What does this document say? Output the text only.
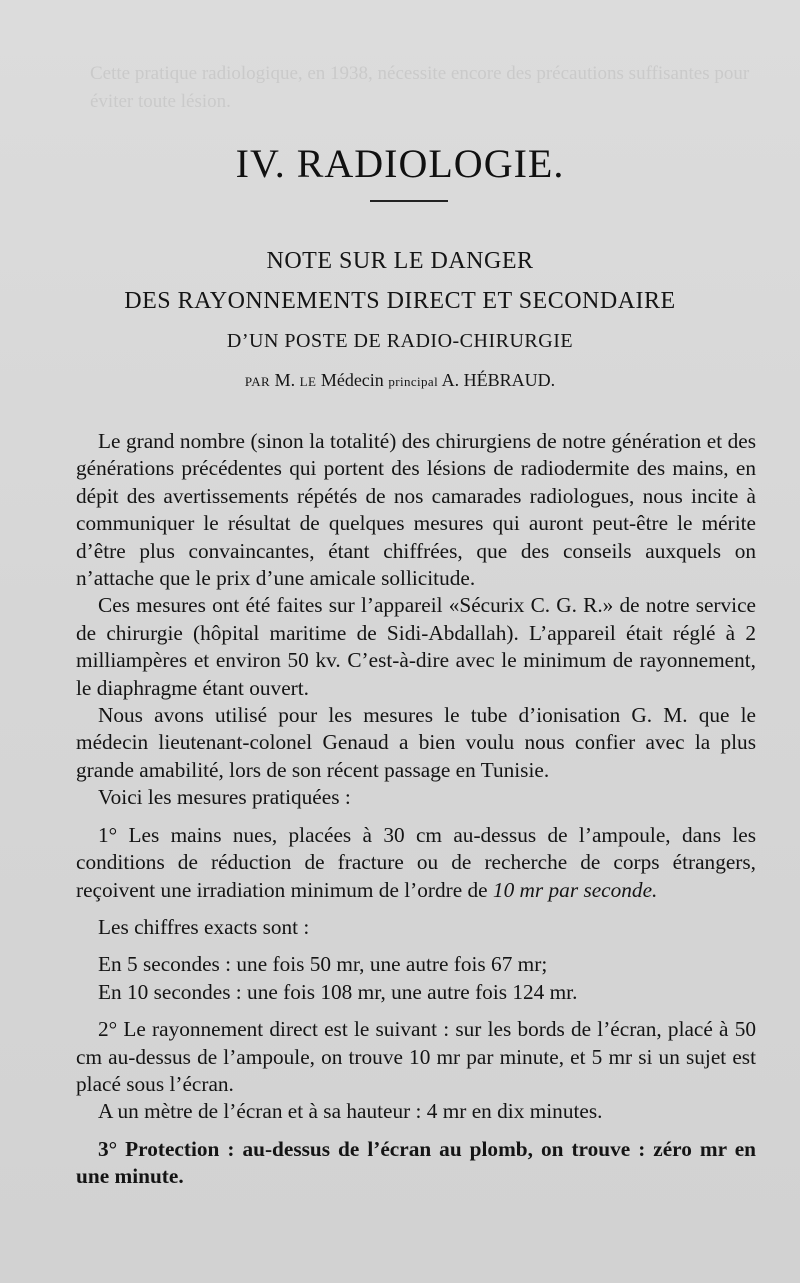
Cette pratique radiologique, en 1938, nécessite encore des précautions suffisantes pour éviter toute lésion.
IV. RADIOLOGIE.
NOTE SUR LE DANGER
DES RAYONNEMENTS DIRECT ET SECONDAIRE
D’UN POSTE DE RADIO-CHIRURGIE
PAR M. LE Médecin principal A. HÉBRAUD.

Le grand nombre (sinon la totalité) des chirurgiens de notre génération et des générations précédentes qui portent des lésions de radiodermite des mains, en dépit des avertissements répétés de nos camarades radiologues, nous incite à communiquer le résultat de quelques mesures qui auront peut-être le mérite d’être plus convaincantes, étant chiffrées, que des conseils auxquels on n’attache que le prix d’une amicale sollicitude.

Ces mesures ont été faites sur l’appareil «Sécurix C. G. R.» de notre service de chirurgie (hôpital maritime de Sidi-Abdallah). L’appareil était réglé à 2 milliampères et environ 50 kv. C’est-à-dire avec le minimum de rayonnement, le diaphragme étant ouvert.

Nous avons utilisé pour les mesures le tube d’ionisation G. M. que le médecin lieutenant-colonel Genaud a bien voulu nous confier avec la plus grande amabilité, lors de son récent passage en Tunisie.

Voici les mesures pratiquées :

1° Les mains nues, placées à 30 cm au-dessus de l’ampoule, dans les conditions de réduction de fracture ou de recherche de corps étrangers, reçoivent une irradiation minimum de l’ordre de 10 mr par seconde.

Les chiffres exacts sont :

En 5 secondes : une fois 50 mr, une autre fois 67 mr;

En 10 secondes : une fois 108 mr, une autre fois 124 mr.

2° Le rayonnement direct est le suivant : sur les bords de l’écran, placé à 50 cm au-dessus de l’ampoule, on trouve 10 mr par minute, et 5 mr si un sujet est placé sous l’écran.

A un mètre de l’écran et à sa hauteur : 4 mr en dix minutes.

3° Protection : au-dessus de l’écran au plomb, on trouve : zéro mr en une minute.
